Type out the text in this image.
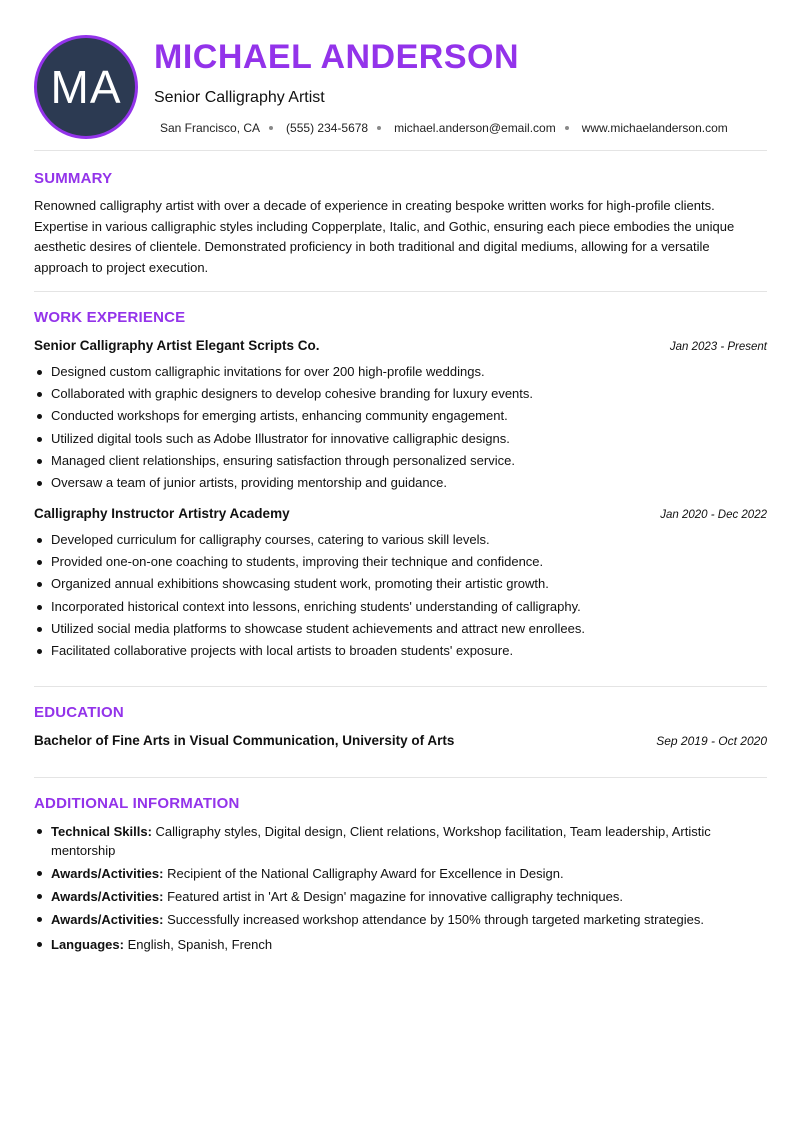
MA
MICHAEL ANDERSON
Senior Calligraphy Artist
San Francisco, CA (555) 234-5678 michael.anderson@email.com www.michaelanderson.com
SUMMARY

Renowned calligraphy artist with over a decade of experience in creating bespoke written works for high-profile clients. Expertise in various calligraphic styles including Copperplate, Italic, and Gothic, ensuring each piece embodies the unique aesthetic desires of clientele. Demonstrated proficiency in both traditional and digital mediums, allowing for a versatile approach to project execution.

WORK EXPERIENCE
Senior Calligraphy Artist Elegant Scripts Co.	Jan 2023 - Present
Designed custom calligraphic invitations for over 200 high-profile weddings.
Collaborated with graphic designers to develop cohesive branding for luxury events.
Conducted workshops for emerging artists, enhancing community engagement.
Utilized digital tools such as Adobe Illustrator for innovative calligraphic designs.
Managed client relationships, ensuring satisfaction through personalized service.
Oversaw a team of junior artists, providing mentorship and guidance.
Calligraphy Instructor Artistry Academy	Jan 2020 - Dec 2022
Developed curriculum for calligraphy courses, catering to various skill levels.
Provided one-on-one coaching to students, improving their technique and confidence.
Organized annual exhibitions showcasing student work, promoting their artistic growth.
Incorporated historical context into lessons, enriching students' understanding of calligraphy.
Utilized social media platforms to showcase student achievements and attract new enrollees.
Facilitated collaborative projects with local artists to broaden students' exposure.
EDUCATION
Bachelor of Fine Arts in Visual Communication, University of Arts	Sep 2019 - Oct 2020
ADDITIONAL INFORMATION
Technical Skills: Calligraphy styles, Digital design, Client relations, Workshop facilitation, Team leadership, Artistic mentorship
Awards/Activities: Recipient of the National Calligraphy Award for Excellence in Design.
Awards/Activities: Featured artist in 'Art & Design' magazine for innovative calligraphy techniques.
Awards/Activities: Successfully increased workshop attendance by 150% through targeted marketing strategies.
Languages: English, Spanish, French
